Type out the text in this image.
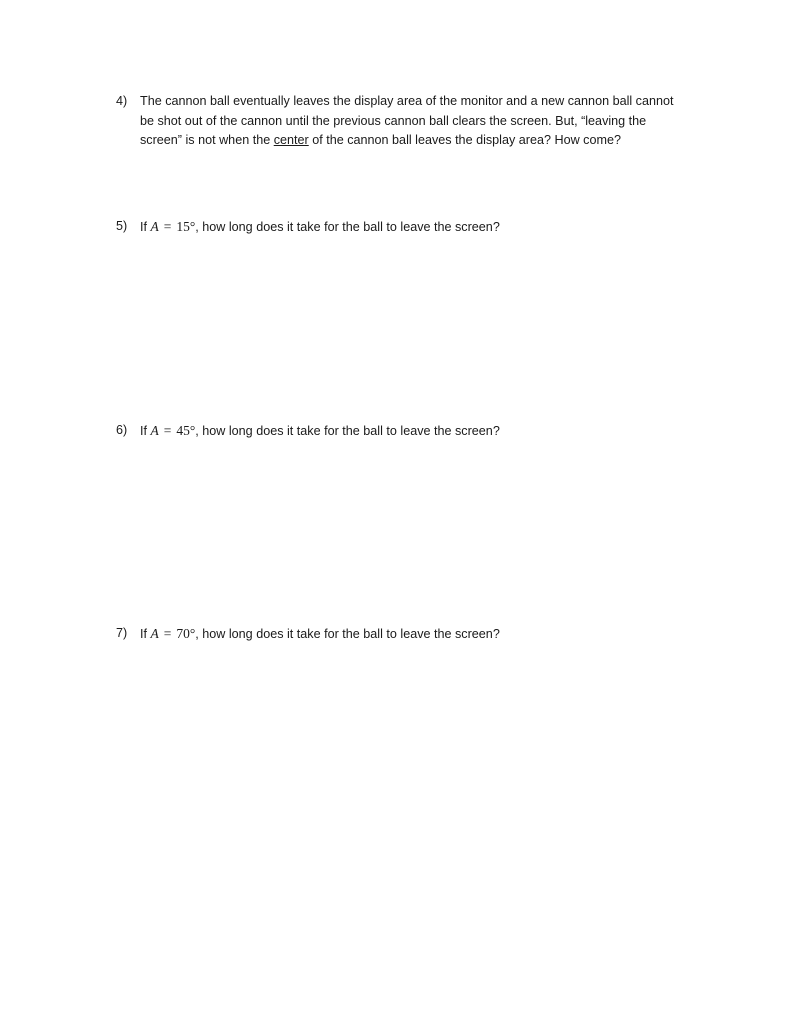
4)	The cannon ball eventually leaves the display area of the monitor and a new cannon ball cannot
be shot out of the cannon until the previous cannon ball clears the screen. But, “leaving the
screen” is not when the center of the cannon ball leaves the display area? How come?
5)	If A = 15°, how long does it take for the ball to leave the screen?
6)	If A = 45°, how long does it take for the ball to leave the screen?
7)	If A = 70°, how long does it take for the ball to leave the screen?
